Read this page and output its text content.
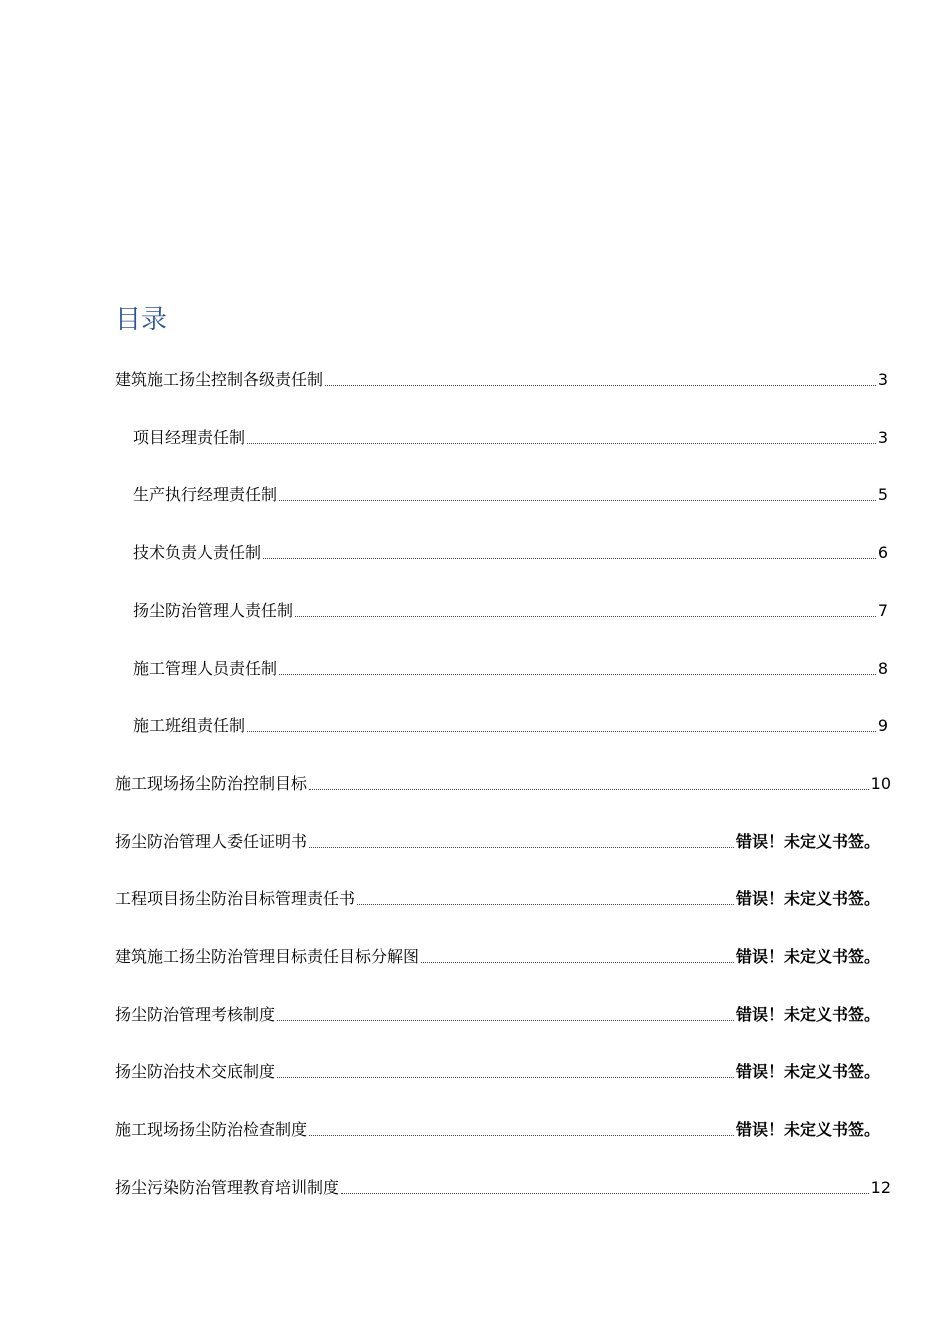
目录
建筑施工扬尘控制各级责任制	3
项目经理责任制	3
生产执行经理责任制	5
技术负责人责任制	6
扬尘防治管理人责任制	7
施工管理人员责任制	8
施工班组责任制	9
施工现场扬尘防治控制目标	10
扬尘防治管理人委任证明书	错误！未定义书签。
工程项目扬尘防治目标管理责任书	错误！未定义书签。
建筑施工扬尘防治管理目标责任目标分解图	错误！未定义书签。
扬尘防治管理考核制度	错误！未定义书签。
扬尘防治技术交底制度	错误！未定义书签。
施工现场扬尘防治检查制度	错误！未定义书签。
扬尘污染防治管理教育培训制度	12
